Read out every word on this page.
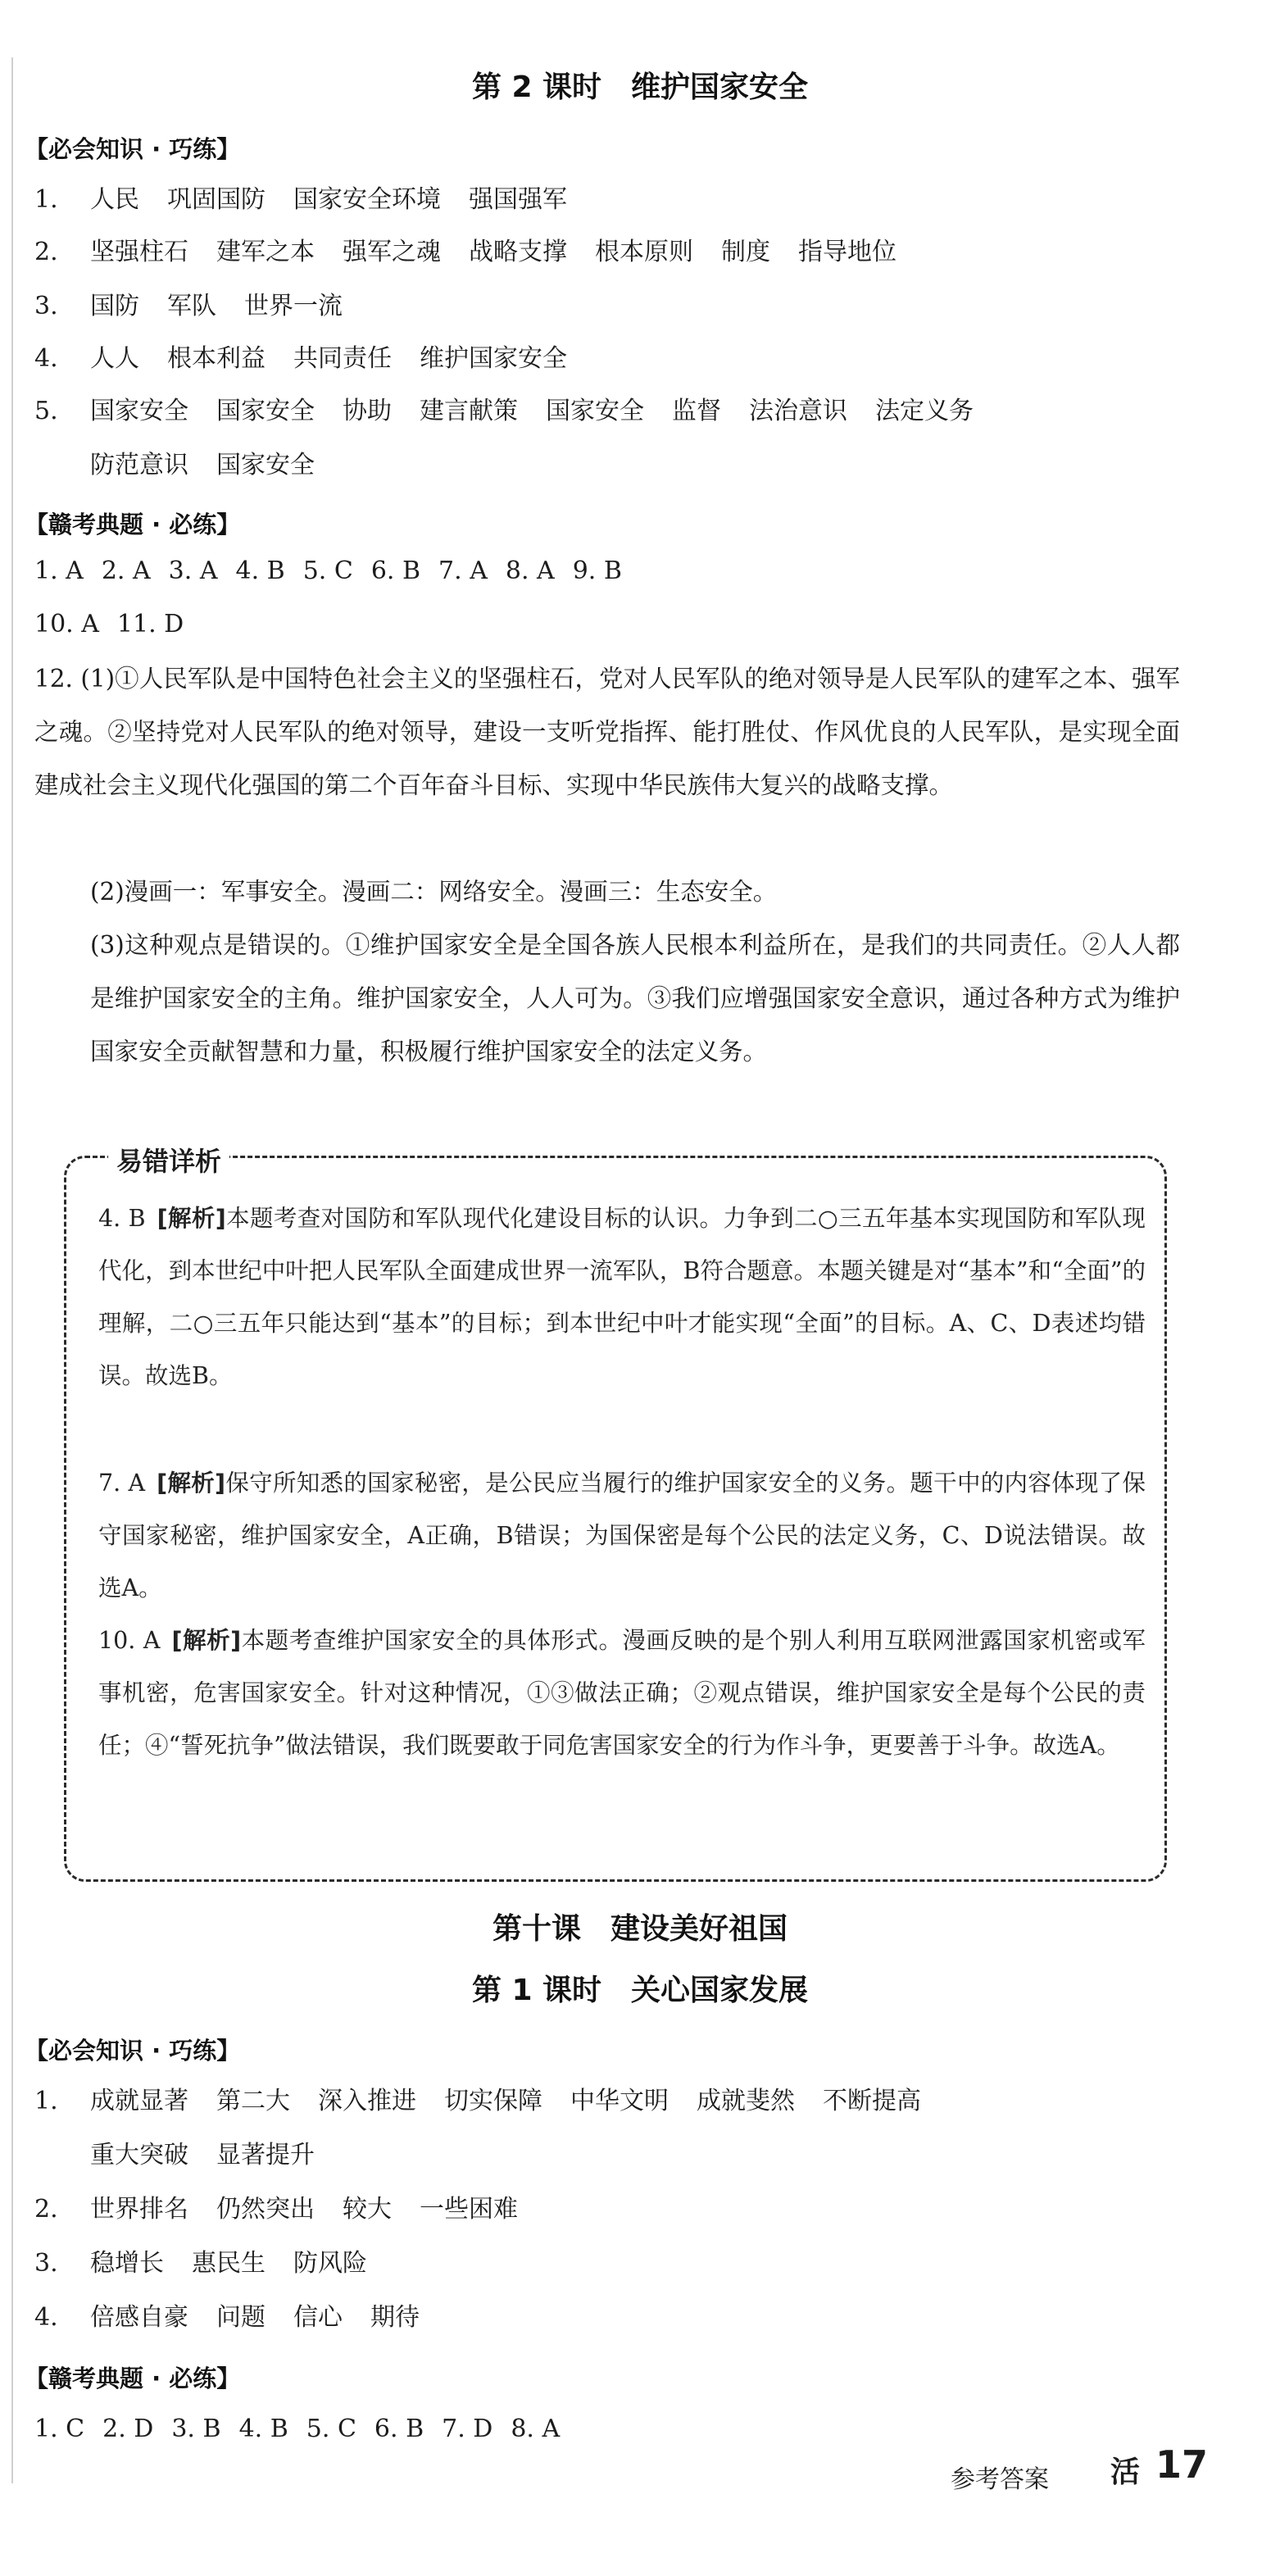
第 2 课时　维护国家安全
【必会知识 · 巧练】
1. 人民 巩固国防 国家安全环境 强国强军
2. 坚强柱石 建军之本 强军之魂 战略支撑 根本原则 制度 指导地位
3. 国防 军队 世界一流
4. 人人 根本利益 共同责任 维护国家安全
5. 国家安全 国家安全 协助 建言献策 国家安全 监督 法治意识 法定义务
防范意识 国家安全
【赣考典题 · 必练】
1. A 2. A 3. A 4. B 5. C 6. B 7. A 8. A 9. B
10. A 11. D
12. (1)①人民军队是中国特色社会主义的坚强柱石，党对人民军队的绝对领导是人民军队的建军之本、强军之魂。②坚持党对人民军队的绝对领导，建设一支听党指挥、能打胜仗、作风优良的人民军队，是实现全面建成社会主义现代化强国的第二个百年奋斗目标、实现中华民族伟大复兴的战略支撑。
(2)漫画一：军事安全。漫画二：网络安全。漫画三：生态安全。
(3)这种观点是错误的。①维护国家安全是全国各族人民根本利益所在，是我们的共同责任。②人人都是维护国家安全的主角。维护国家安全，人人可为。③我们应增强国家安全意识，通过各种方式为维护国家安全贡献智慧和力量，积极履行维护国家安全的法定义务。
易错详析
4. B [解析]本题考查对国防和军队现代化建设目标的认识。力争到二○三五年基本实现国防和军队现代化，到本世纪中叶把人民军队全面建成世界一流军队，B符合题意。本题关键是对“基本”和“全面”的理解，二○三五年只能达到“基本”的目标；到本世纪中叶才能实现“全面”的目标。A、C、D表述均错误。故选B。
7. A [解析]保守所知悉的国家秘密，是公民应当履行的维护国家安全的义务。题干中的内容体现了保守国家秘密，维护国家安全，A正确，B错误；为国保密是每个公民的法定义务，C、D说法错误。故选A。
10. A [解析]本题考查维护国家安全的具体形式。漫画反映的是个别人利用互联网泄露国家机密或军事机密，危害国家安全。针对这种情况，①③做法正确；②观点错误，维护国家安全是每个公民的责任；④“誓死抗争”做法错误，我们既要敢于同危害国家安全的行为作斗争，更要善于斗争。故选A。
第十课　建设美好祖国
第 1 课时　关心国家发展
【必会知识 · 巧练】
1. 成就显著 第二大 深入推进 切实保障 中华文明 成就斐然 不断提高
重大突破 显著提升
2. 世界排名 仍然突出 较大 一些困难
3. 稳增长 惠民生 防风险
4. 倍感自豪 问题 信心 期待
【赣考典题 · 必练】
1. C 2. D 3. B 4. B 5. C 6. B 7. D 8. A
参考答案 活 17
